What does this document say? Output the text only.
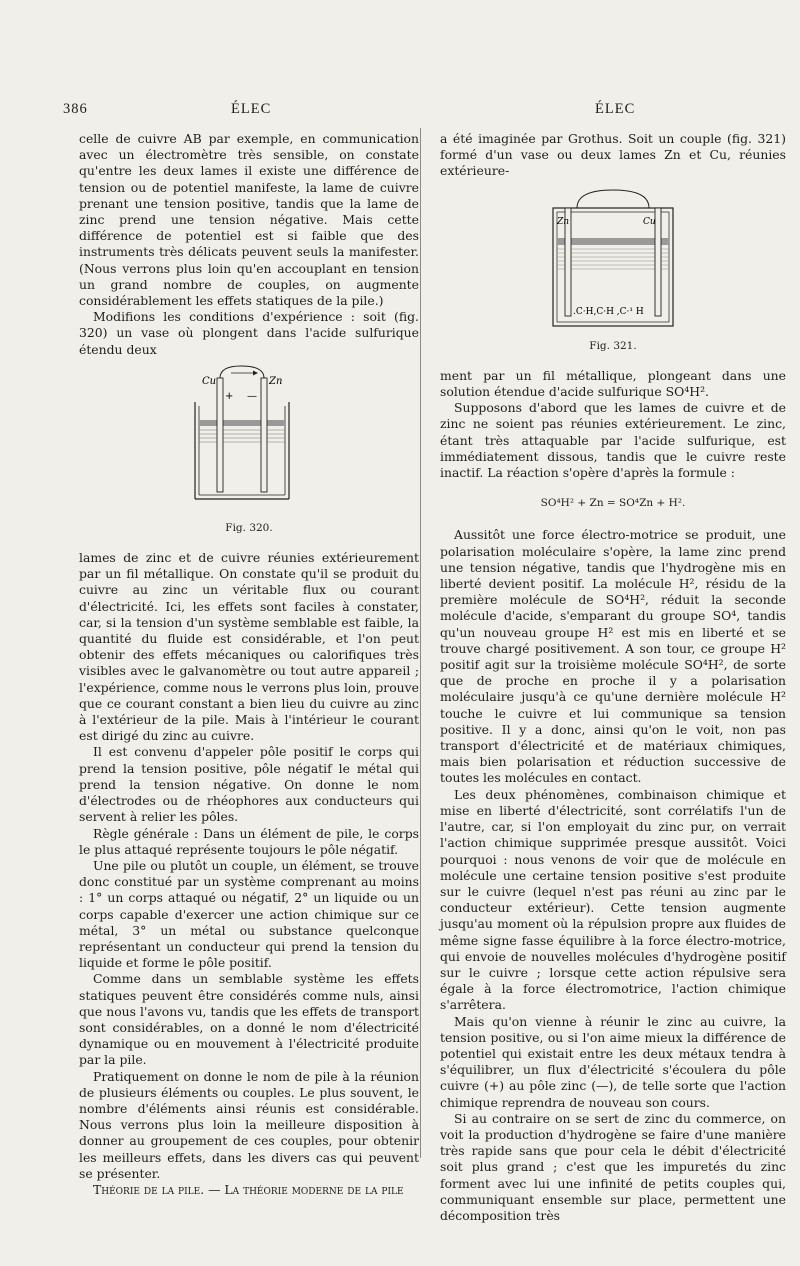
386	ÉLEC	ÉLEC

celle de cuivre AB par exemple, en communication avec un électromètre très sensible, on constate qu'entre les deux lames il existe une différence de tension ou de potentiel manifeste, la lame de cuivre prenant une tension positive, tandis que la lame de zinc prend une tension négative. Mais cette différence de potentiel est si faible que des instruments très délicats peuvent seuls la manifester. (Nous verrons plus loin qu'en accouplant en tension un grand nombre de couples, on augmente considérablement les effets statiques de la pile.)

Modifions les conditions d'expérience : soit (fig. 320) un vase où plongent dans l'acide sulfurique étendu deux

Cu	Zn
+ —
Fig. 320.

lames de zinc et de cuivre réunies extérieurement par un fil métallique. On constate qu'il se produit du cuivre au zinc un véritable flux ou courant d'électricité. Ici, les effets sont faciles à constater, car, si la tension d'un système semblable est faible, la quantité du fluide est considérable, et l'on peut obtenir des effets mécaniques ou calorifiques très visibles avec le galvanomètre ou tout autre appareil ; l'expérience, comme nous le verrons plus loin, prouve que ce courant constant a bien lieu du cuivre au zinc à l'extérieur de la pile. Mais à l'intérieur le courant est dirigé du zinc au cuivre.

Il est convenu d'appeler pôle positif le corps qui prend la tension positive, pôle négatif le métal qui prend la tension négative. On donne le nom d'électrodes ou de rhéophores aux conducteurs qui servent à relier les pôles.

Règle générale : Dans un élément de pile, le corps le plus attaqué représente toujours le pôle négatif.

Une pile ou plutôt un couple, un élément, se trouve donc constitué par un système comprenant au moins : 1° un corps attaqué ou négatif, 2° un liquide ou un corps capable d'exercer une action chimique sur ce métal, 3° un métal ou substance quelconque représentant un conducteur qui prend la tension du liquide et forme le pôle positif.

Comme dans un semblable système les effets statiques peuvent être considérés comme nuls, ainsi que nous l'avons vu, tandis que les effets de transport sont considérables, on a donné le nom d'électricité dynamique ou en mouvement à l'électricité produite par la pile.

Pratiquement on donne le nom de pile à la réunion de plusieurs éléments ou couples. Le plus souvent, le nombre d'éléments ainsi réunis est considérable. Nous verrons plus loin la meilleure disposition à donner au groupement de ces couples, pour obtenir les meilleurs effets, dans les divers cas qui peuvent se présenter.

Théorie de la pile. — La théorie moderne de la pile

a été imaginée par Grothus. Soit un couple (fig. 321) formé d'un vase ou deux lames Zn et Cu, réunies extérieure-

Zn	Cu
.C·H,C·H ,C·¹ H
Fig. 321.

ment par un fil métallique, plongeant dans une solution étendue d'acide sulfurique SO⁴H².

Supposons d'abord que les lames de cuivre et de zinc ne soient pas réunies extérieurement. Le zinc, étant très attaquable par l'acide sulfurique, est immédiatement dissous, tandis que le cuivre reste inactif. La réaction s'opère d'après la formule :

SO⁴H² + Zn = SO⁴Zn + H².

Aussitôt une force électro-motrice se produit, une polarisation moléculaire s'opère, la lame zinc prend une tension négative, tandis que l'hydrogène mis en liberté devient positif. La molécule H², résidu de la première molécule de SO⁴H², réduit la seconde molécule d'acide, s'emparant du groupe SO⁴, tandis qu'un nouveau groupe H² est mis en liberté et se trouve chargé positivement. A son tour, ce groupe H² positif agit sur la troisième molécule SO⁴H², de sorte que de proche en proche il y a polarisation moléculaire jusqu'à ce qu'une dernière molécule H² touche le cuivre et lui communique sa tension positive. Il y a donc, ainsi qu'on le voit, non pas transport d'électricité et de matériaux chimiques, mais bien polarisation et réduction successive de toutes les molécules en contact.

Les deux phénomènes, combinaison chimique et mise en liberté d'électricité, sont corrélatifs l'un de l'autre, car, si l'on employait du zinc pur, on verrait l'action chimique supprimée presque aussitôt. Voici pourquoi : nous venons de voir que de molécule en molécule une certaine tension positive s'est produite sur le cuivre (lequel n'est pas réuni au zinc par le conducteur extérieur). Cette tension augmente jusqu'au moment où la répulsion propre aux fluides de même signe fasse équilibre à la force électro-motrice, qui envoie de nouvelles molécules d'hydrogène positif sur le cuivre ; lorsque cette action répulsive sera égale à la force électromotrice, l'action chimique s'arrêtera.

Mais qu'on vienne à réunir le zinc au cuivre, la tension positive, ou si l'on aime mieux la différence de potentiel qui existait entre les deux métaux tendra à s'équilibrer, un flux d'électricité s'écoulera du pôle cuivre (+) au pôle zinc (—), de telle sorte que l'action chimique reprendra de nouveau son cours.

Si au contraire on se sert de zinc du commerce, on voit la production d'hydrogène se faire d'une manière très rapide sans que pour cela le débit d'électricité soit plus grand ; c'est que les impuretés du zinc forment avec lui une infinité de petits couples qui, communiquant ensemble sur place, permettent une décomposition très
